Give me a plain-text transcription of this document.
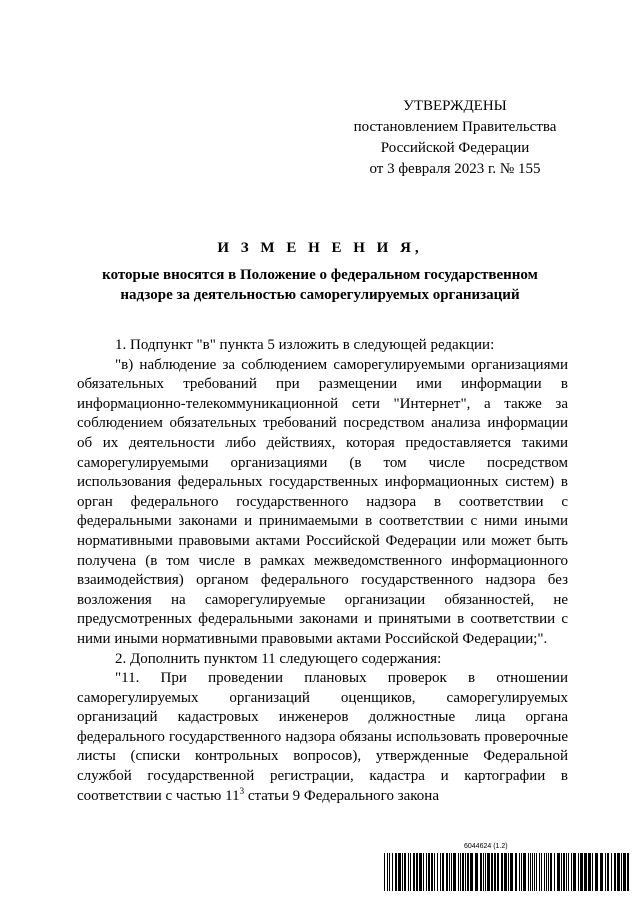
УТВЕРЖДЕНЫ
постановлением Правительства
Российской Федерации
от 3 февраля 2023 г. № 155
И З М Е Н Е Н И Я,
которые вносятся в Положение о федеральном государственном надзоре за деятельностью саморегулируемых организаций

1. Подпункт "в" пункта 5 изложить в следующей редакции:

"в) наблюдение за соблюдением саморегулируемыми организациями обязательных требований при размещении ими информации в информационно-телекоммуникационной сети "Интернет", а также за соблюдением обязательных требований посредством анализа информации об их деятельности либо действиях, которая предоставляется такими саморегулируемыми организациями (в том числе посредством использования федеральных государственных информационных систем) в орган федерального государственного надзора в соответствии с федеральными законами и принимаемыми в соответствии с ними иными нормативными правовыми актами Российской Федерации или может быть получена (в том числе в рамках межведомственного информационного взаимодействия) органом федерального государственного надзора без возложения на саморегулируемые организации обязанностей, не предусмотренных федеральными законами и принятыми в соответствии с ними иными нормативными правовыми актами Российской Федерации;".

2. Дополнить пунктом 11 следующего содержания:

"11. При проведении плановых проверок в отношении саморегулируемых организаций оценщиков, саморегулируемых организаций кадастровых инженеров должностные лица органа федерального государственного надзора обязаны использовать проверочные листы (списки контрольных вопросов), утвержденные Федеральной службой государственной регистрации, кадастра и картографии в соответствии с частью $11^3$ статьи 9 Федерального закона

6044624 (1.2)
